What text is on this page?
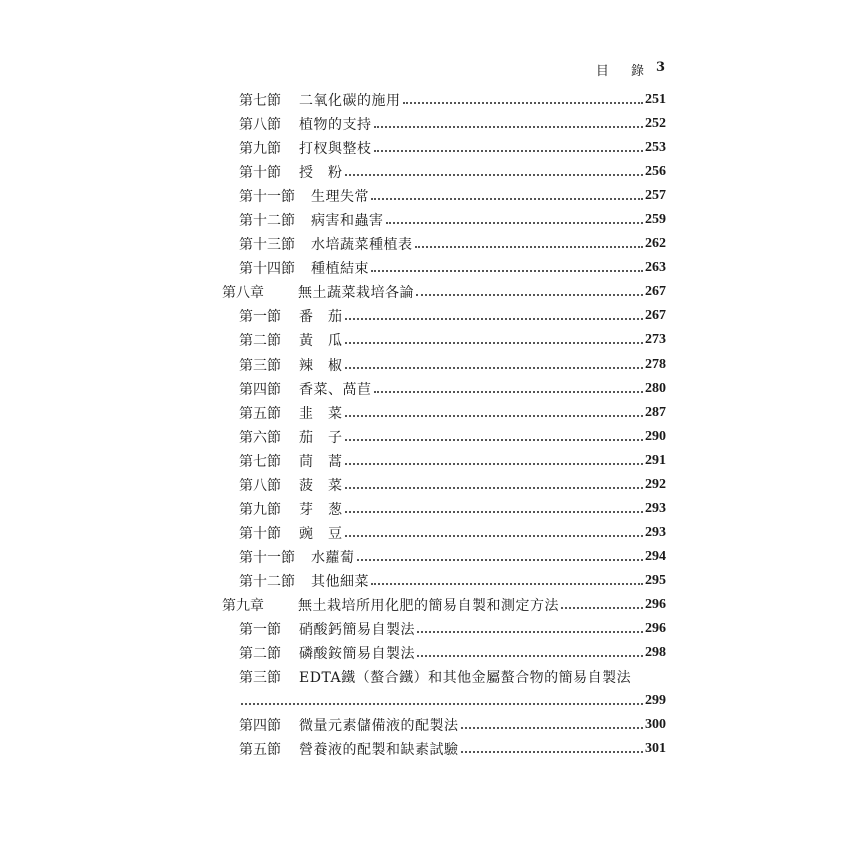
目 錄 3
第七節	二氧化碳的施用	251
第八節	植物的支持	252
第九節	打杈與整枝	253
第十節	授　粉	256
第十一節	生理失常	257
第十二節	病害和蟲害	259
第十三節	水培蔬菜種植表	262
第十四節	種植結束	263
第八章	無土蔬菜栽培各論	267
第一節	番　茄	267
第二節	黃　瓜	273
第三節	辣　椒	278
第四節	香菜、萵苣	280
第五節	韭　菜	287
第六節	茄　子	290
第七節	茼　蒿	291
第八節	菠　菜	292
第九節	芽　葱	293
第十節	豌　豆	293
第十一節	水蘿蔔	294
第十二節	其他細菜	295
第九章	無土栽培所用化肥的簡易自製和測定方法	296
第一節	硝酸鈣簡易自製法	296
第二節	磷酸銨簡易自製法	298
第三節	EDTA鐵（螯合鐵）和其他金屬螯合物的簡易自製法
299
第四節	微量元素儲備液的配製法	300
第五節	營養液的配製和缺素試驗	301
